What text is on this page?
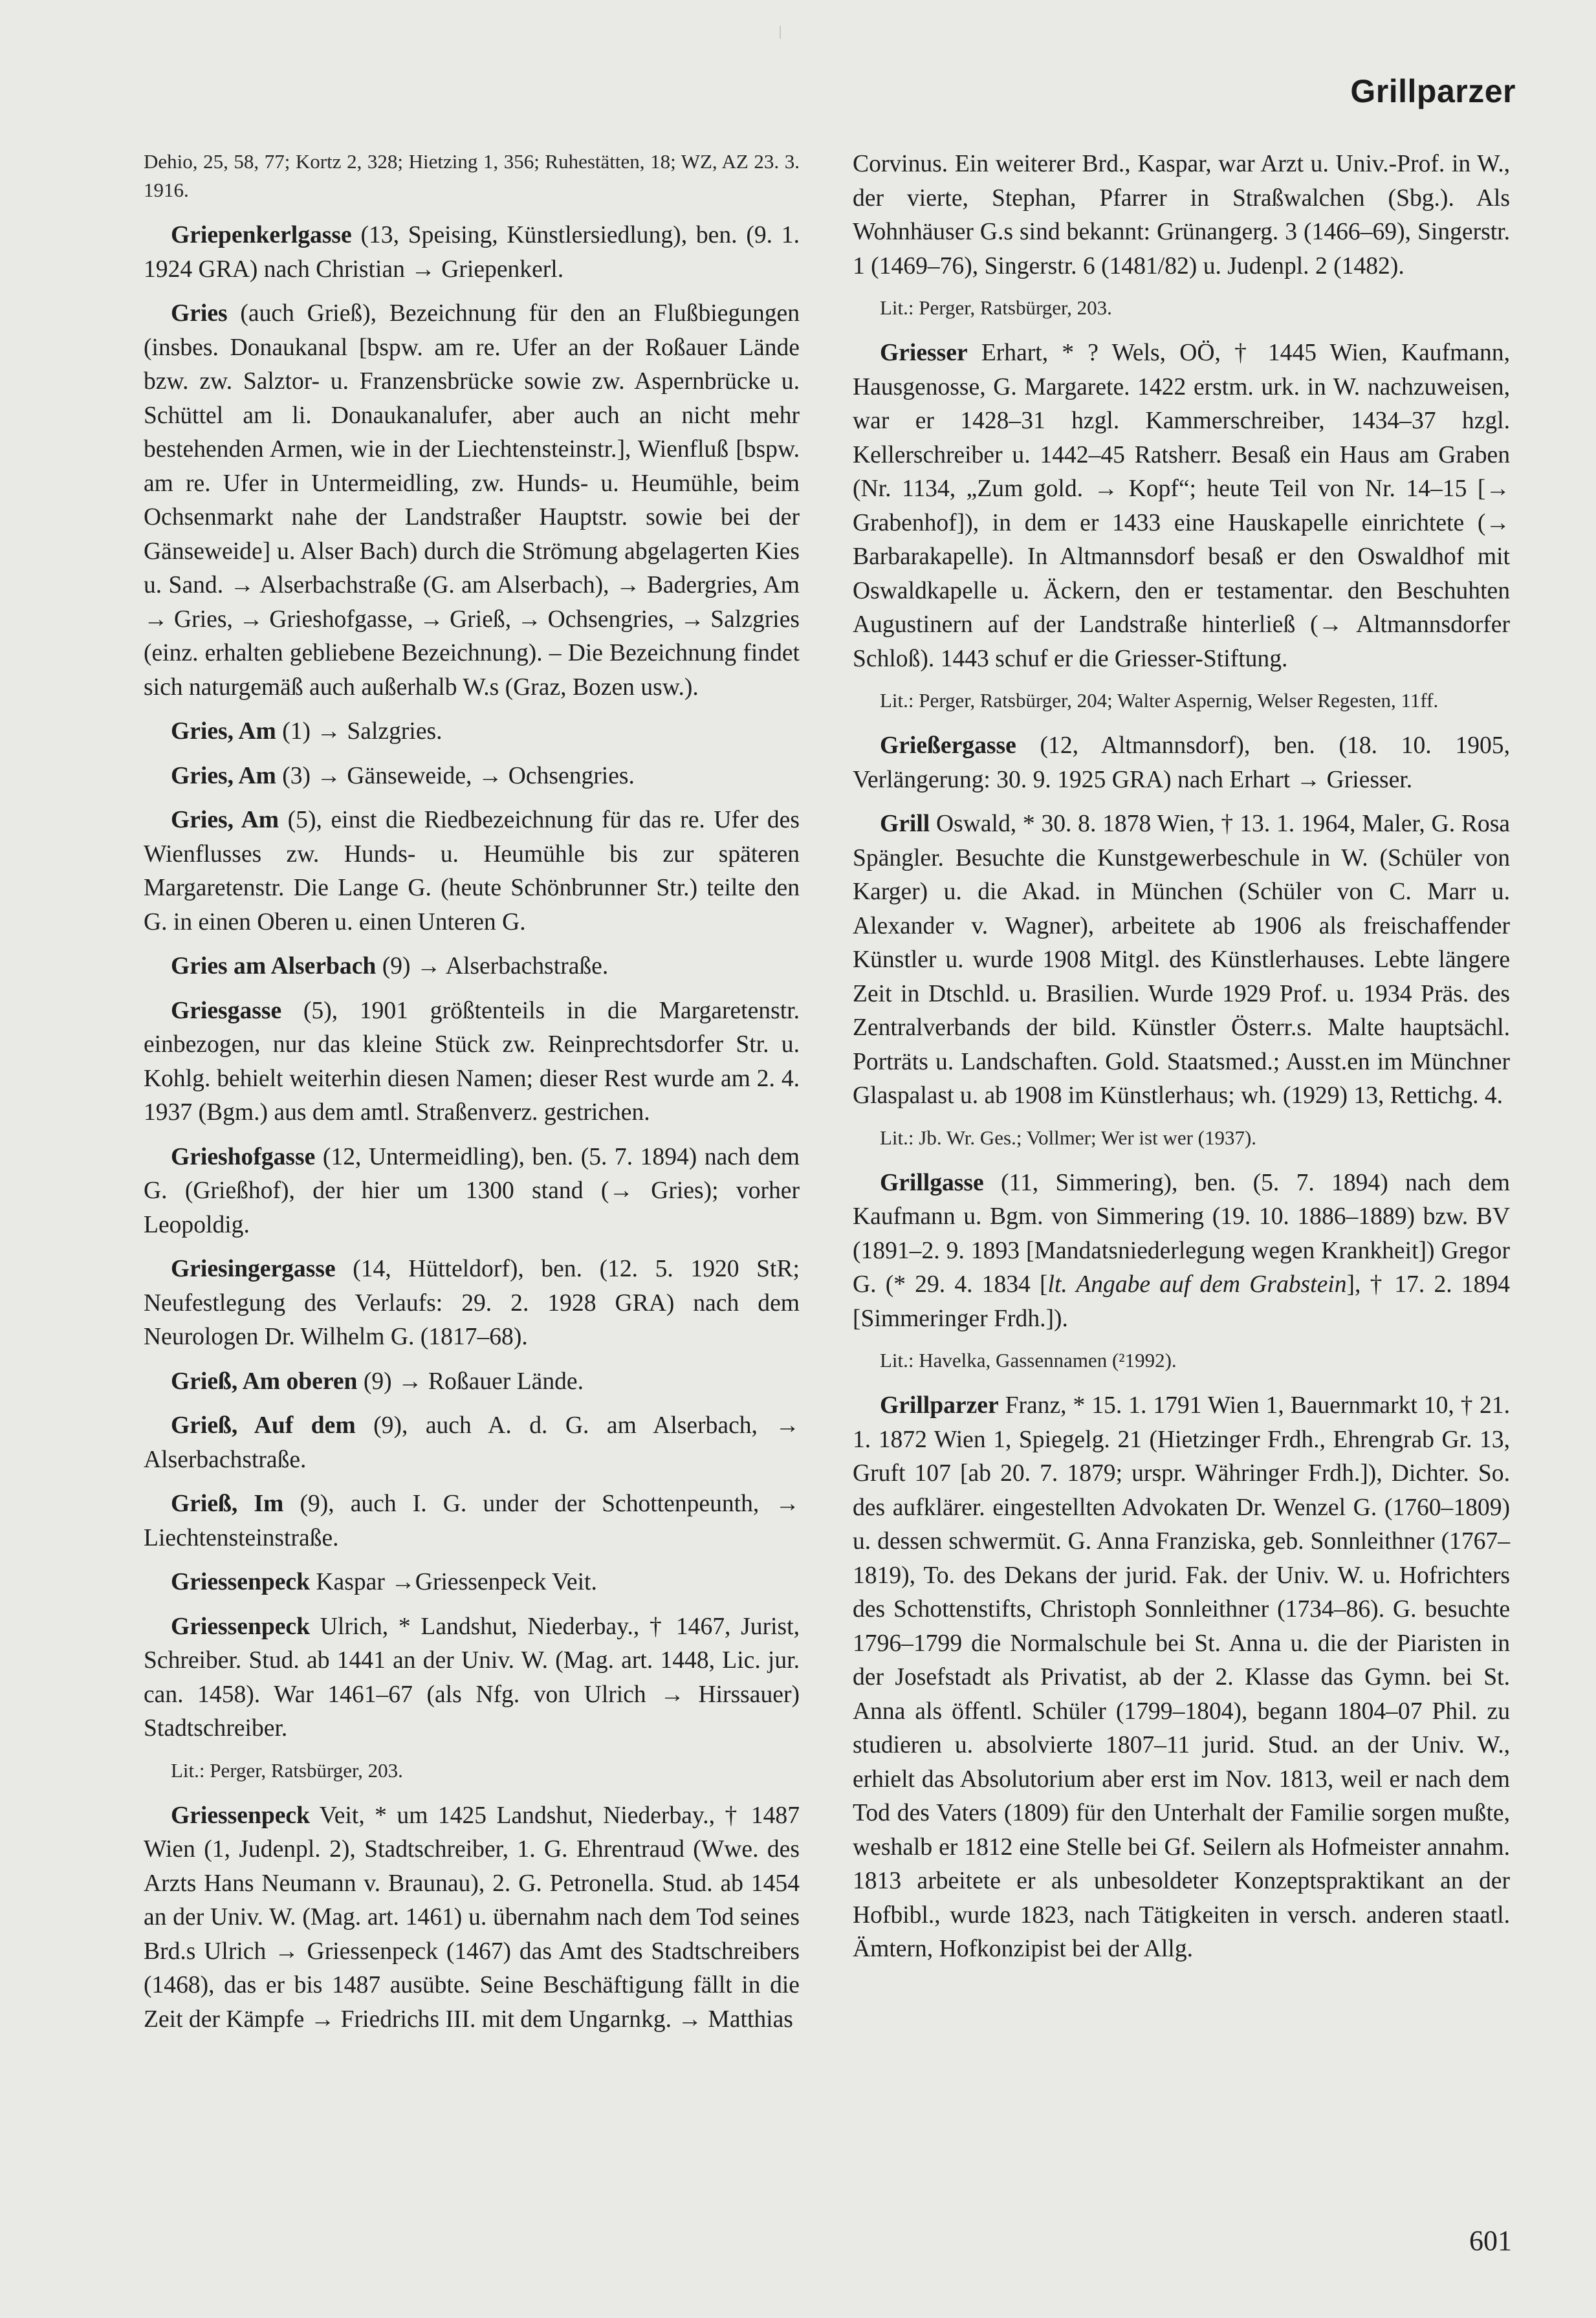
Grillparzer

Dehio, 25, 58, 77; Kortz 2, 328; Hietzing 1, 356; Ruhestätten, 18; WZ, AZ 23. 3. 1916.

Griepenkerlgasse (13, Speising, Künstlersiedlung), ben. (9. 1. 1924 GRA) nach Christian → Griepenkerl.

Gries (auch Grieß), Bezeichnung für den an Flußbiegungen (insbes. Donaukanal [bspw. am re. Ufer an der Roßauer Lände bzw. zw. Salztor- u. Franzensbrücke sowie zw. Aspernbrücke u. Schüttel am li. Donaukanalufer, aber auch an nicht mehr bestehenden Armen, wie in der Liechtensteinstr.], Wienfluß [bspw. am re. Ufer in Untermeidling, zw. Hunds- u. Heumühle, beim Ochsenmarkt nahe der Landstraßer Hauptstr. sowie bei der Gänseweide] u. Alser Bach) durch die Strömung abgelagerten Kies u. Sand. → Alserbachstraße (G. am Alserbach), → Badergries, Am → Gries, → Grieshofgasse, → Grieß, → Ochsengries, → Salzgries (einz. erhalten gebliebene Bezeichnung). – Die Bezeichnung findet sich naturgemäß auch außerhalb W.s (Graz, Bozen usw.).

Gries, Am (1) → Salzgries.

Gries, Am (3) → Gänseweide, → Ochsengries.

Gries, Am (5), einst die Riedbezeichnung für das re. Ufer des Wienflusses zw. Hunds- u. Heumühle bis zur späteren Margaretenstr. Die Lange G. (heute Schönbrunner Str.) teilte den G. in einen Oberen u. einen Unteren G.

Gries am Alserbach (9) → Alserbachstraße.

Griesgasse (5), 1901 größtenteils in die Margaretenstr. einbezogen, nur das kleine Stück zw. Reinprechtsdorfer Str. u. Kohlg. behielt weiterhin diesen Namen; dieser Rest wurde am 2. 4. 1937 (Bgm.) aus dem amtl. Straßenverz. gestrichen.

Grieshofgasse (12, Untermeidling), ben. (5. 7. 1894) nach dem G. (Grießhof), der hier um 1300 stand (→ Gries); vorher Leopoldig.

Griesingergasse (14, Hütteldorf), ben. (12. 5. 1920 StR; Neufestlegung des Verlaufs: 29. 2. 1928 GRA) nach dem Neurologen Dr. Wilhelm G. (1817–68).

Grieß, Am oberen (9) → Roßauer Lände.

Grieß, Auf dem (9), auch A. d. G. am Alserbach, → Alserbachstraße.

Grieß, Im (9), auch I. G. under der Schottenpeunth, → Liechtensteinstraße.

Griessenpeck Kaspar →Griessenpeck Veit.

Griessenpeck Ulrich, * Landshut, Niederbay., † 1467, Jurist, Schreiber. Stud. ab 1441 an der Univ. W. (Mag. art. 1448, Lic. jur. can. 1458). War 1461–67 (als Nfg. von Ulrich → Hirssauer) Stadtschreiber.

Lit.: Perger, Ratsbürger, 203.

Griessenpeck Veit, * um 1425 Landshut, Niederbay., † 1487 Wien (1, Judenpl. 2), Stadtschreiber, 1. G. Ehrentraud (Wwe. des Arzts Hans Neumann v. Braunau), 2. G. Petronella. Stud. ab 1454 an der Univ. W. (Mag. art. 1461) u. übernahm nach dem Tod seines Brd.s Ulrich → Griessenpeck (1467) das Amt des Stadtschreibers (1468), das er bis 1487 ausübte. Seine Beschäftigung fällt in die Zeit der Kämpfe → Friedrichs III. mit dem Ungarnkg. → Matthias

Corvinus. Ein weiterer Brd., Kaspar, war Arzt u. Univ.-Prof. in W., der vierte, Stephan, Pfarrer in Straßwalchen (Sbg.). Als Wohnhäuser G.s sind bekannt: Grünangerg. 3 (1466–69), Singerstr. 1 (1469–76), Singerstr. 6 (1481/82) u. Judenpl. 2 (1482).

Lit.: Perger, Ratsbürger, 203.

Griesser Erhart, * ? Wels, OÖ, † 1445 Wien, Kaufmann, Hausgenosse, G. Margarete. 1422 erstm. urk. in W. nachzuweisen, war er 1428–31 hzgl. Kammerschreiber, 1434–37 hzgl. Kellerschreiber u. 1442–45 Ratsherr. Besaß ein Haus am Graben (Nr. 1134, „Zum gold. → Kopf“; heute Teil von Nr. 14–15 [→ Grabenhof]), in dem er 1433 eine Hauskapelle einrichtete (→ Barbarakapelle). In Altmannsdorf besaß er den Oswaldhof mit Oswaldkapelle u. Äckern, den er testamentar. den Beschuhten Augustinern auf der Landstraße hinterließ (→ Altmannsdorfer Schloß). 1443 schuf er die Griesser-Stiftung.

Lit.: Perger, Ratsbürger, 204; Walter Aspernig, Welser Regesten, 11ff.

Grießergasse (12, Altmannsdorf), ben. (18. 10. 1905, Verlängerung: 30. 9. 1925 GRA) nach Erhart → Griesser.

Grill Oswald, * 30. 8. 1878 Wien, † 13. 1. 1964, Maler, G. Rosa Spängler. Besuchte die Kunstgewerbeschule in W. (Schüler von Karger) u. die Akad. in München (Schüler von C. Marr u. Alexander v. Wagner), arbeitete ab 1906 als freischaffender Künstler u. wurde 1908 Mitgl. des Künstlerhauses. Lebte längere Zeit in Dtschld. u. Brasilien. Wurde 1929 Prof. u. 1934 Präs. des Zentralverbands der bild. Künstler Österr.s. Malte hauptsächl. Porträts u. Landschaften. Gold. Staatsmed.; Ausst.en im Münchner Glaspalast u. ab 1908 im Künstlerhaus; wh. (1929) 13, Rettichg. 4.

Lit.: Jb. Wr. Ges.; Vollmer; Wer ist wer (1937).

Grillgasse (11, Simmering), ben. (5. 7. 1894) nach dem Kaufmann u. Bgm. von Simmering (19. 10. 1886–1889) bzw. BV (1891–2. 9. 1893 [Mandatsniederlegung wegen Krankheit]) Gregor G. (* 29. 4. 1834 [lt. Angabe auf dem Grabstein], † 17. 2. 1894 [Simmeringer Frdh.]).

Lit.: Havelka, Gassennamen (²1992).

Grillparzer Franz, * 15. 1. 1791 Wien 1, Bauernmarkt 10, † 21. 1. 1872 Wien 1, Spiegelg. 21 (Hietzinger Frdh., Ehrengrab Gr. 13, Gruft 107 [ab 20. 7. 1879; urspr. Währinger Frdh.]), Dichter. So. des aufklärer. eingestellten Advokaten Dr. Wenzel G. (1760–1809) u. dessen schwermüt. G. Anna Franziska, geb. Sonnleithner (1767–1819), To. des Dekans der jurid. Fak. der Univ. W. u. Hofrichters des Schottenstifts, Christoph Sonnleithner (1734–86). G. besuchte 1796–1799 die Normalschule bei St. Anna u. die der Piaristen in der Josefstadt als Privatist, ab der 2. Klasse das Gymn. bei St. Anna als öffentl. Schüler (1799–1804), begann 1804–07 Phil. zu studieren u. absolvierte 1807–11 jurid. Stud. an der Univ. W., erhielt das Absolutorium aber erst im Nov. 1813, weil er nach dem Tod des Vaters (1809) für den Unterhalt der Familie sorgen mußte, weshalb er 1812 eine Stelle bei Gf. Seilern als Hofmeister annahm. 1813 arbeitete er als unbesoldeter Konzeptspraktikant an der Hofbibl., wurde 1823, nach Tätigkeiten in versch. anderen staatl. Ämtern, Hofkonzipist bei der Allg.

601
